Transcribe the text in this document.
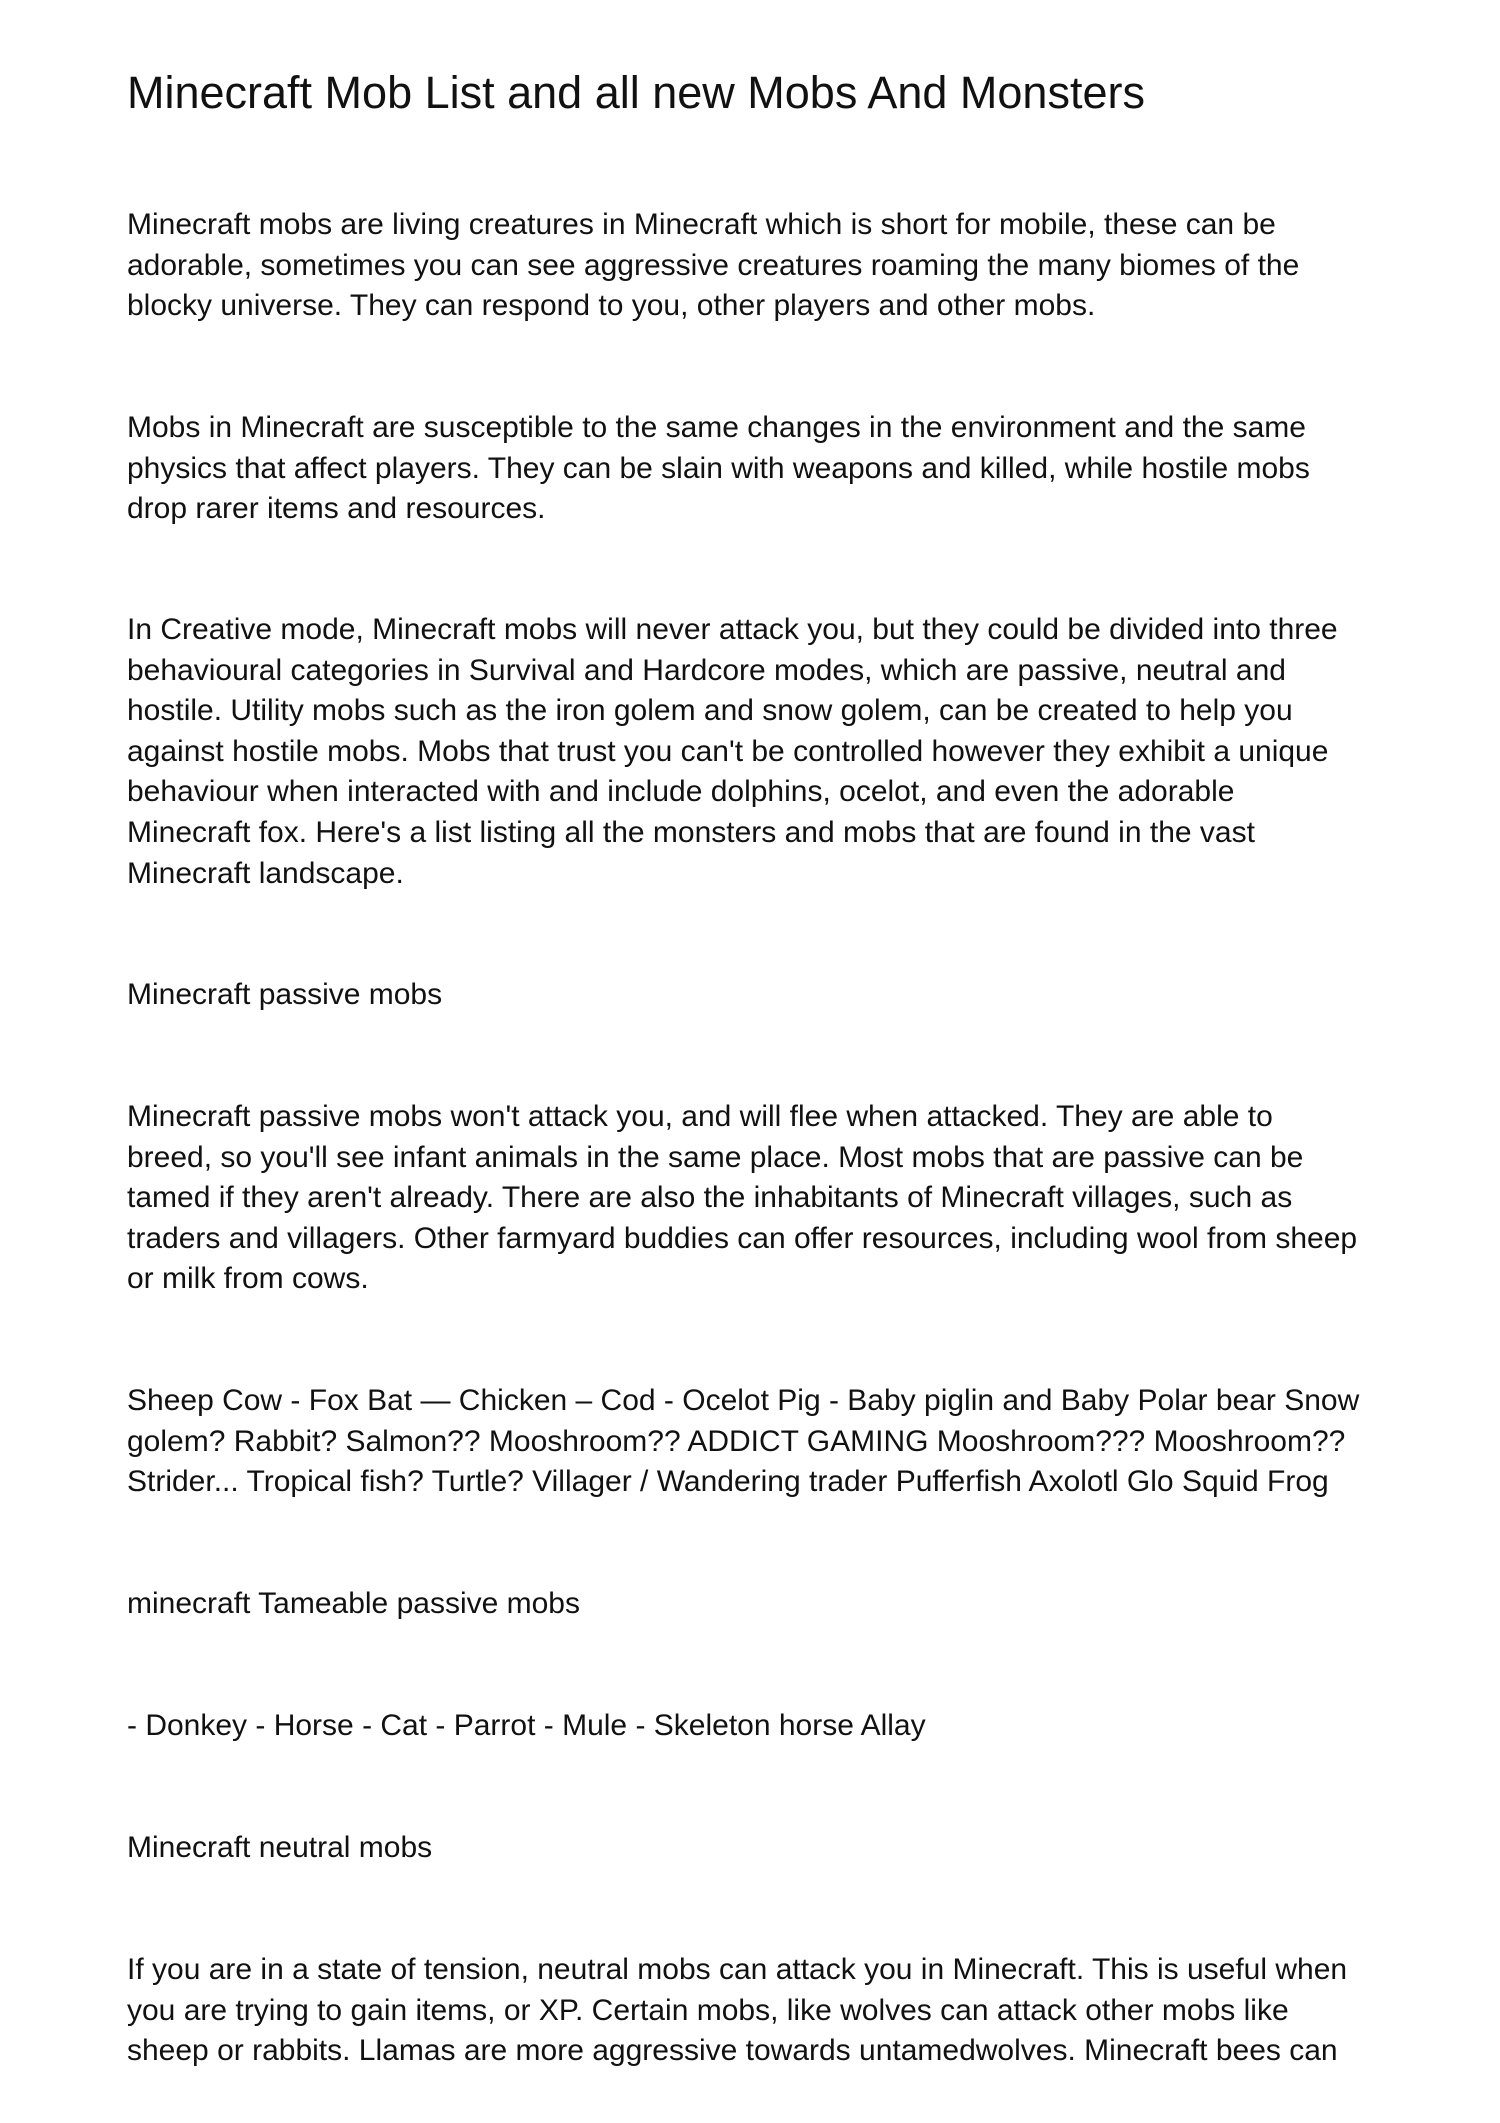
Minecraft Mob List and all new Mobs And Monsters

Minecraft mobs are living creatures in Minecraft which is short for mobile, these can be
adorable, sometimes you can see aggressive creatures roaming the many biomes of the
blocky universe. They can respond to you, other players and other mobs.

Mobs in Minecraft are susceptible to the same changes in the environment and the same
physics that affect players. They can be slain with weapons and killed, while hostile mobs
drop rarer items and resources.

In Creative mode, Minecraft mobs will never attack you, but they could be divided into three
behavioural categories in Survival and Hardcore modes, which are passive, neutral and
hostile. Utility mobs such as the iron golem and snow golem, can be created to help you
against hostile mobs. Mobs that trust you can't be controlled however they exhibit a unique
behaviour when interacted with and include dolphins, ocelot, and even the adorable
Minecraft fox. Here's a list listing all the monsters and mobs that are found in the vast
Minecraft landscape.

Minecraft passive mobs

Minecraft passive mobs won't attack you, and will flee when attacked. They are able to
breed, so you'll see infant animals in the same place. Most mobs that are passive can be
tamed if they aren't already. There are also the inhabitants of Minecraft villages, such as
traders and villagers. Other farmyard buddies can offer resources, including wool from sheep
or milk from cows.

Sheep Cow - Fox Bat — Chicken – Cod - Ocelot Pig - Baby piglin and Baby Polar bear Snow
golem? Rabbit? Salmon?? Mooshroom?? ADDICT GAMING Mooshroom??? Mooshroom??
Strider... Tropical fish? Turtle? Villager / Wandering trader Pufferfish Axolotl Glo Squid Frog

minecraft Tameable passive mobs

- Donkey - Horse - Cat - Parrot - Mule - Skeleton horse Allay

Minecraft neutral mobs

If you are in a state of tension, neutral mobs can attack you in Minecraft. This is useful when
you are trying to gain items, or XP. Certain mobs, like wolves can attack other mobs like
sheep or rabbits. Llamas are more aggressive towards untamedwolves. Minecraft bees can
